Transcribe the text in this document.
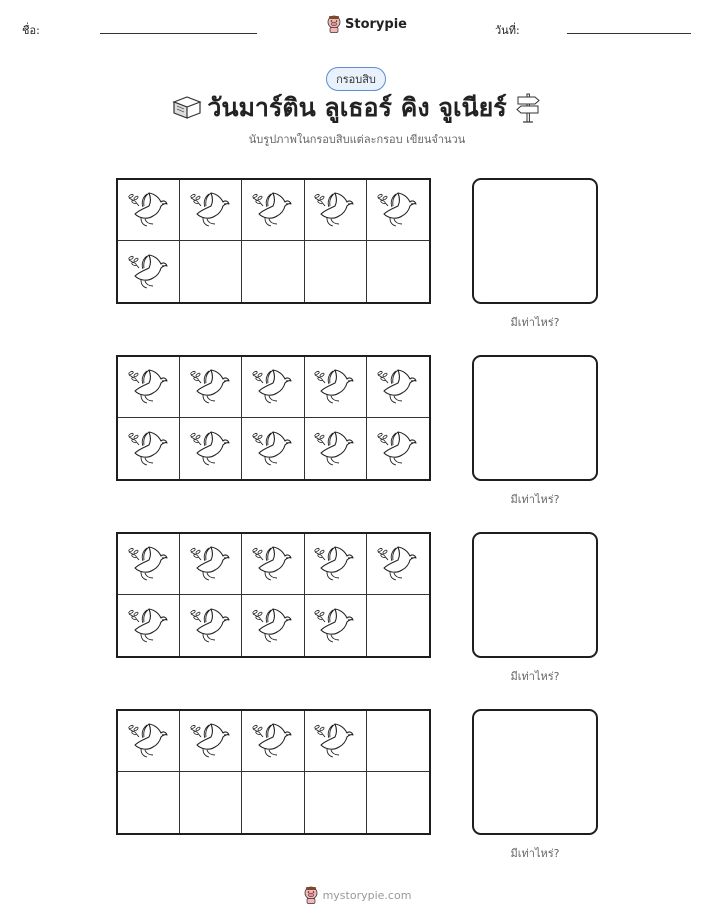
ชื่อ:	Storypie	วันที่:
กรอบสิบ
วันมาร์ติน ลูเธอร์ คิง จูเนียร์
นับรูปภาพในกรอบสิบแต่ละกรอบ เขียนจำนวน
มีเท่าไหร่?
มีเท่าไหร่?
มีเท่าไหร่?
มีเท่าไหร่?
mystorypie.com
